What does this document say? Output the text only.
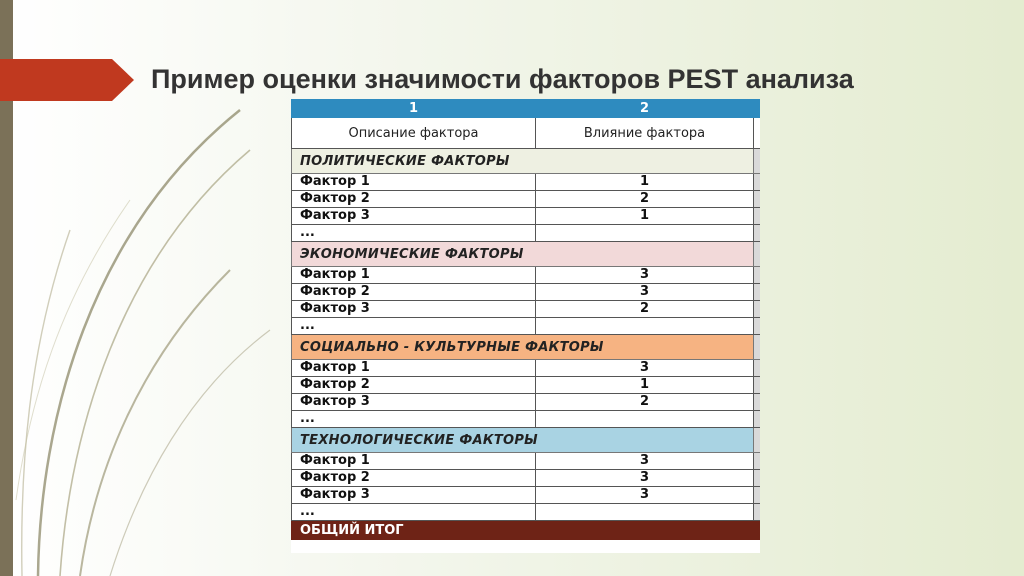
Пример оценки значимости факторов PEST анализа
1	2	
Описание фактора	Влияние фактора	
ПОЛИТИЧЕСКИЕ ФАКТОРЫ		
Фактор 1	1	
Фактор 2	2	
Фактор 3	1	
...		
ЭКОНОМИЧЕСКИЕ ФАКТОРЫ		
Фактор 1	3	
Фактор 2	3	
Фактор 3	2	
...		
СОЦИАЛЬНО - КУЛЬТУРНЫЕ ФАКТОРЫ		
Фактор 1	3	
Фактор 2	1	
Фактор 3	2	
...		
ТЕХНОЛОГИЧЕСКИЕ ФАКТОРЫ		
Фактор 1	3	
Фактор 2	3	
Фактор 3	3	
...		
ОБЩИЙ ИТОГ		
